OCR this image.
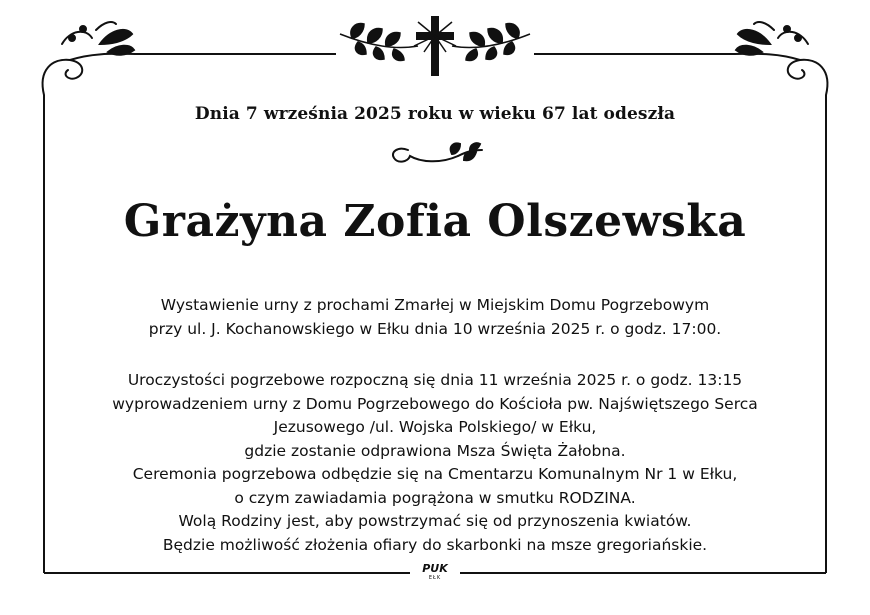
Dnia 7 września 2025 roku w wieku 67 lat odeszła
Grażyna Zofia Olszewska
Wystawienie urny z prochami Zmarłej w Miejskim Domu Pogrzebowym
przy ul. J. Kochanowskiego w Ełku dnia 10 września 2025 r. o godz. 17:00.
Uroczystości pogrzebowe rozpoczną się dnia 11 września 2025 r. o godz. 13:15
wyprowadzeniem urny z Domu Pogrzebowego do Kościoła pw. Najświętszego Serca
Jezusowego /ul. Wojska Polskiego/ w Ełku,
gdzie zostanie odprawiona Msza Święta Żałobna.
Ceremonia pogrzebowa odbędzie się na Cmentarzu Komunalnym Nr 1 w Ełku,
o czym zawiadamia pogrążona w smutku RODZINA.
Wolą Rodziny jest, aby powstrzymać się od przynoszenia kwiatów.
Będzie możliwość złożenia ofiary do skarbonki na msze gregoriańskie.
PUK
EŁK
